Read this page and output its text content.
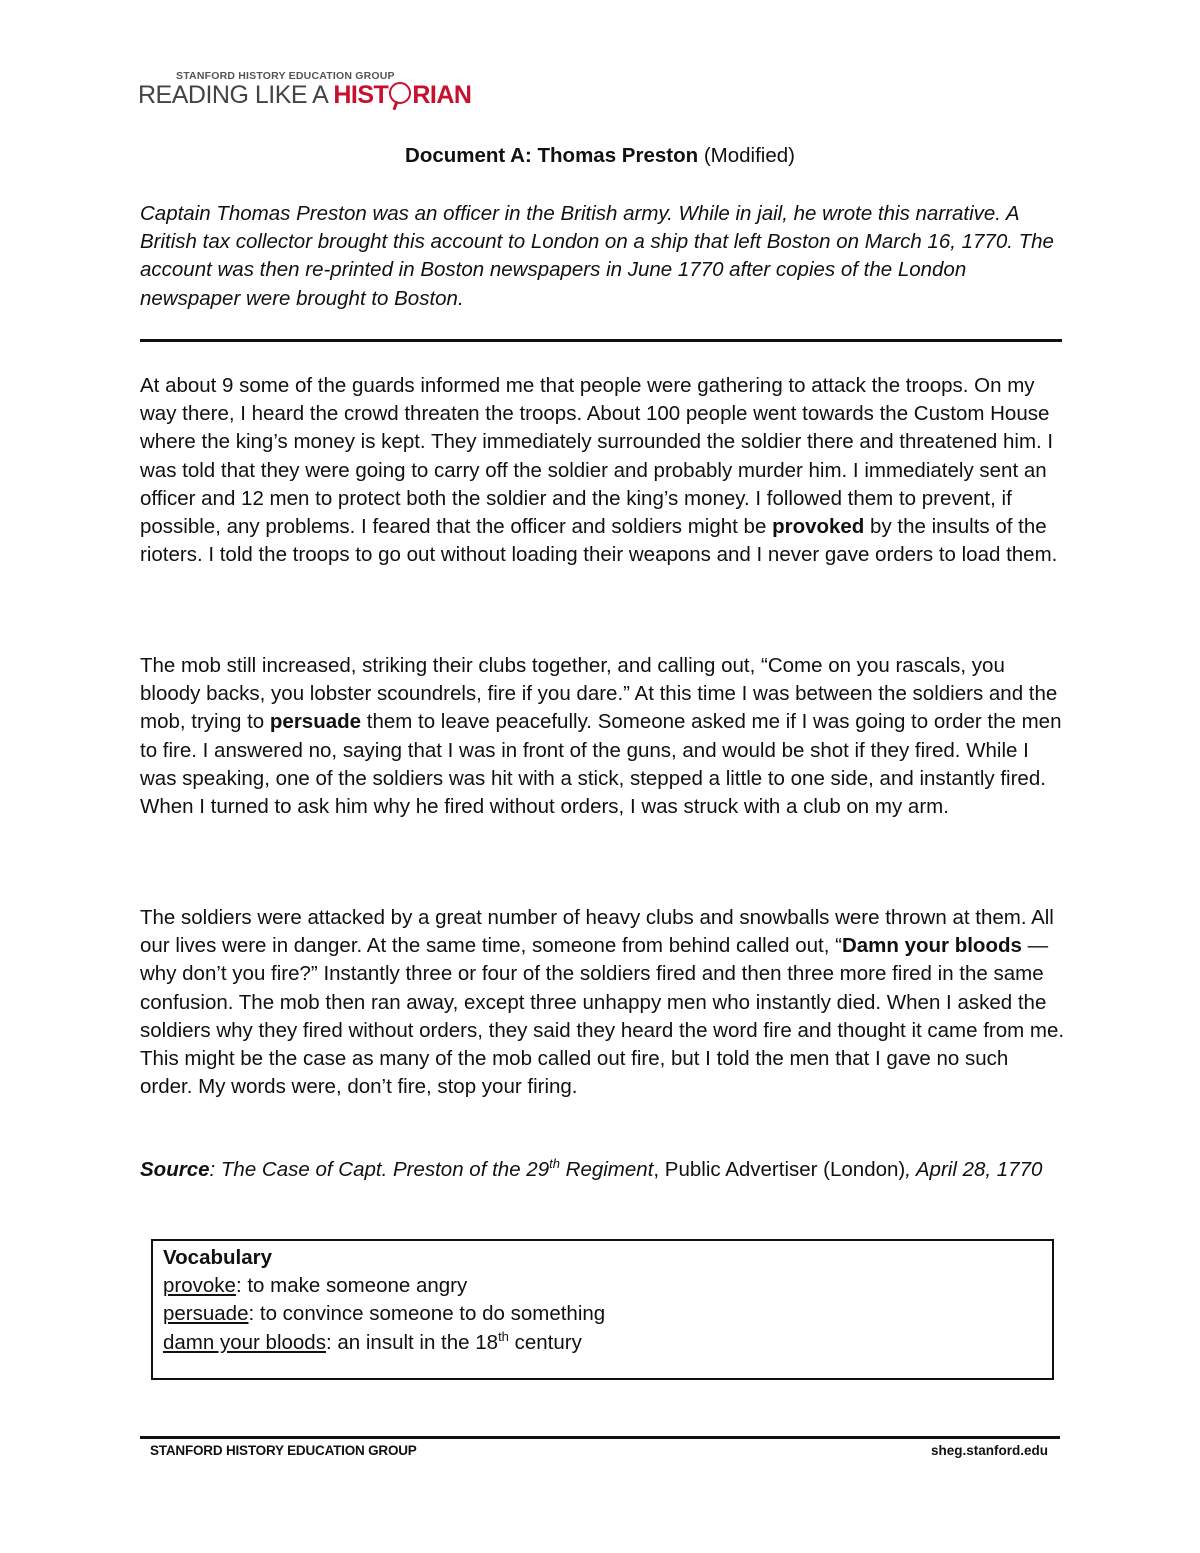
STANFORD HISTORY EDUCATION GROUP
READING LIKE A HIST RIAN
Document A: Thomas Preston (Modified)
Captain Thomas Preston was an officer in the British army. While in jail, he wrote this narrative. A British tax collector brought this account to London on a ship that left Boston on March 16, 1770. The account was then re-printed in Boston newspapers in June 1770 after copies of the London newspaper were brought to Boston.
At about 9 some of the guards informed me that people were gathering to attack the troops. On my way there, I heard the crowd threaten the troops. About 100 people went towards the Custom House where the king’s money is kept. They immediately surrounded the soldier there and threatened him. I was told that they were going to carry off the soldier and probably murder him. I immediately sent an officer and 12 men to protect both the soldier and the king’s money. I followed them to prevent, if possible, any problems. I feared that the officer and soldiers might be provoked by the insults of the rioters. I told the troops to go out without loading their weapons and I never gave orders to load them.
The mob still increased, striking their clubs together, and calling out, “Come on you rascals, you bloody backs, you lobster scoundrels, fire if you dare.” At this time I was between the soldiers and the mob, trying to persuade them to leave peacefully. Someone asked me if I was going to order the men to fire. I answered no, saying that I was in front of the guns, and would be shot if they fired. While I was speaking, one of the soldiers was hit with a stick, stepped a little to one side, and instantly fired. When I turned to ask him why he fired without orders, I was struck with a club on my arm.
The soldiers were attacked by a great number of heavy clubs and snowballs were thrown at them. All our lives were in danger. At the same time, someone from behind called out, “Damn your bloods — why don’t you fire?” Instantly three or four of the soldiers fired and then three more fired in the same confusion. The mob then ran away, except three unhappy men who instantly died. When I asked the soldiers why they fired without orders, they said they heard the word fire and thought it came from me. This might be the case as many of the mob called out fire, but I told the men that I gave no such order. My words were, don’t fire, stop your firing.
Source: The Case of Capt. Preston of the 29th Regiment, Public Advertiser (London), April 28, 1770
Vocabulary
provoke: to make someone angry
persuade: to convince someone to do something
damn your bloods: an insult in the 18th century
STANFORD HISTORY EDUCATION GROUP	sheg.stanford.edu
